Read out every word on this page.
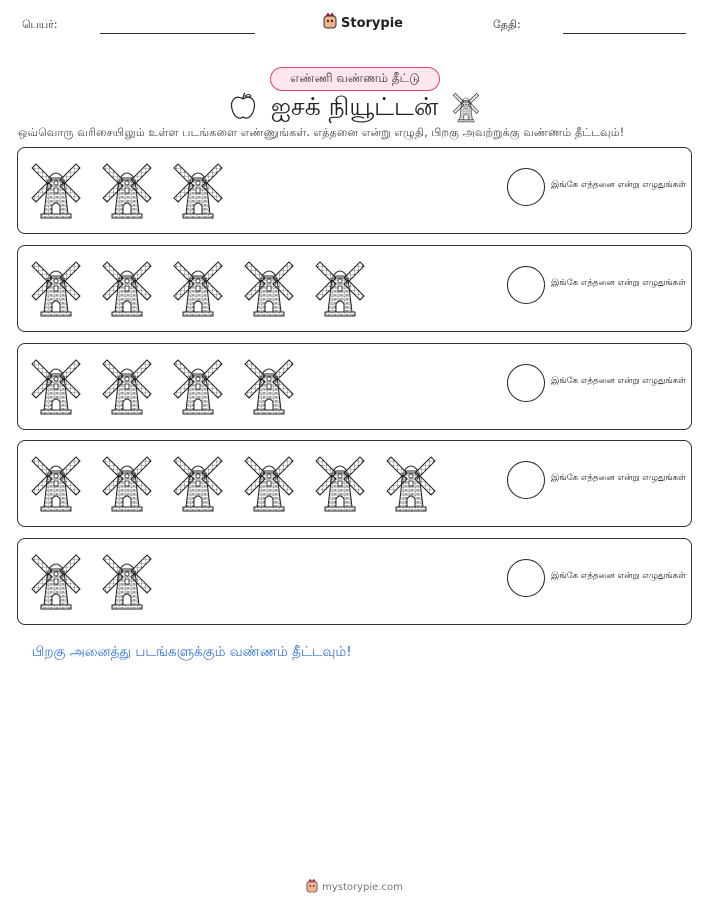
பெயர்:	Storypie	தேதி:
எண்ணி வண்ணம் தீட்டு
ஐசக் நியூட்டன்
ஒவ்வொரு வரிசையிலும் உள்ள படங்களை எண்ணுங்கள். எத்தனை என்று எழுதி, பிறகு அவற்றுக்கு வண்ணம் தீட்டவும்!
இங்கே எத்தனை என்று எழுதுங்கள்
இங்கே எத்தனை என்று எழுதுங்கள்
இங்கே எத்தனை என்று எழுதுங்கள்
இங்கே எத்தனை என்று எழுதுங்கள்
இங்கே எத்தனை என்று எழுதுங்கள்
பிறகு அனைத்து படங்களுக்கும் வண்ணம் தீட்டவும்!
mystorypie.com
